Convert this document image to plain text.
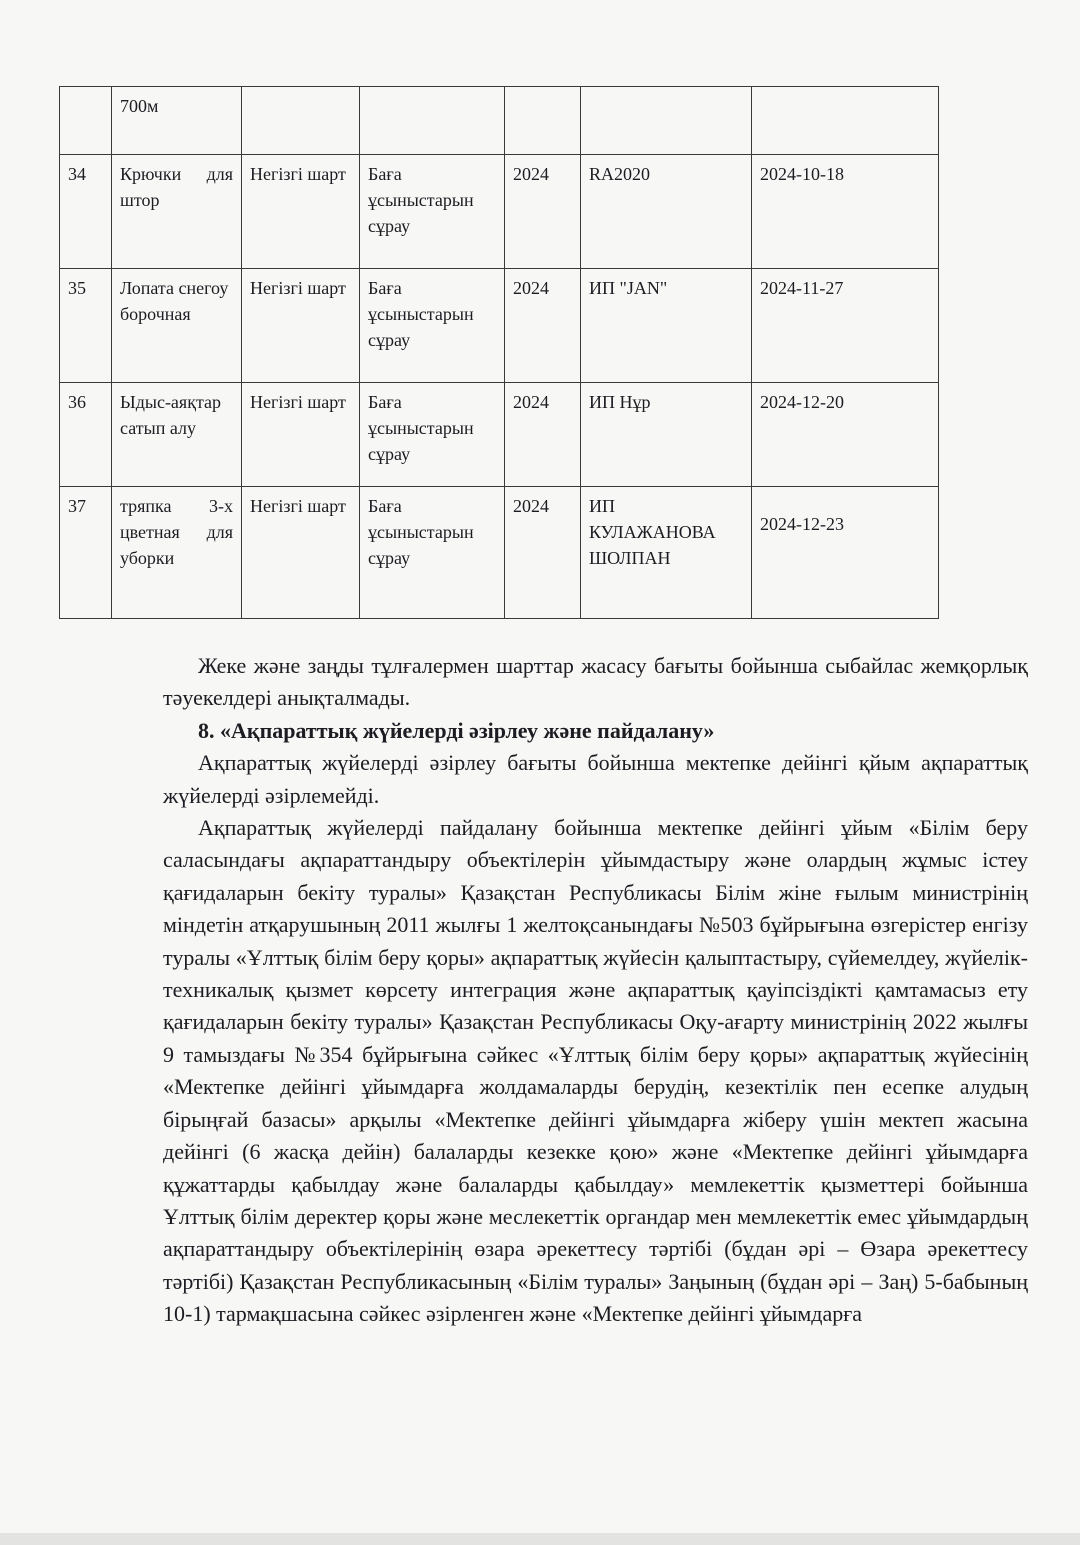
	700м					
34	Крючки для штор	Негізгі шарт	Баға ұсыныстарын сұрау	2024	RA2020	2024-10-18
35	Лопата снегоуборочная	Негізгі шарт	Баға ұсыныстарын сұрау	2024	ИП "JAN"	2024-11-27
36	Ыдыс-аяқтар сатып алу	Негізгі шарт	Баға ұсыныстарын сұрау	2024	ИП Нұр	2024-12-20
37	тряпка 3-х цветная для уборки	Негізгі шарт	Баға ұсыныстарын сұрау	2024	ИП КУЛАЖАНОВА ШОЛПАН	2024-12-23

Жеке және заңды тұлғалермен шарттар жасасу бағыты бойынша сыбайлас жемқорлық тәуекелдері анықталмады.

8. «Ақпараттық жүйелерді әзірлеу және пайдалану»

Ақпараттық жүйелерді әзірлеу бағыты бойынша мектепке дейінгі қйым ақпараттық жүйелерді әзірлемейді.

Ақпараттық жүйелерді пайдалану бойынша мектепке дейінгі ұйым «Білім беру саласындағы ақпараттандыру объектілерін ұйымдастыру және олардың жұмыс істеу қағидаларын бекіту туралы» Қазақстан Республикасы Білім жіне ғылым министрінің міндетін атқарушының 2011 жылғы 1 желтоқсанындағы №503 бұйрығына өзгерістер енгізу туралы «Ұлттық білім беру қоры» ақпараттық жүйесін қалыптастыру, сүйемелдеу, жүйелік-техникалық қызмет көрсету интеграция және ақпараттық қауіпсіздікті қамтамасыз ету қағидаларын бекіту туралы» Қазақстан Республикасы Оқу-ағарту министрінің 2022 жылғы 9 тамыздағы №354 бұйрығына сәйкес «Ұлттық білім беру қоры» ақпараттық жүйесінің «Мектепке дейінгі ұйымдарға жолдамаларды берудің, кезектілік пен есепке алудың бірыңғай базасы» арқылы «Мектепке дейінгі ұйымдарға жіберу үшін мектеп жасына дейінгі (6 жасқа дейін) балаларды кезекке қою» және «Мектепке дейінгі ұйымдарға құжаттарды қабылдау және балаларды қабылдау» мемлекеттік қызметтері бойынша Ұлттық білім деректер қоры және меслекеттік органдар мен мемлекеттік емес ұйымдардың ақпараттандыру объектілерінің өзара әрекеттесу тәртібі (бұдан әрі – Өзара әрекеттесу тәртібі) Қазақстан Республикасының «Білім туралы» Заңының (бұдан әрі – Заң) 5-бабының 10-1) тармақшасына сәйкес әзірленген және «Мектепке дейінгі ұйымдарға
